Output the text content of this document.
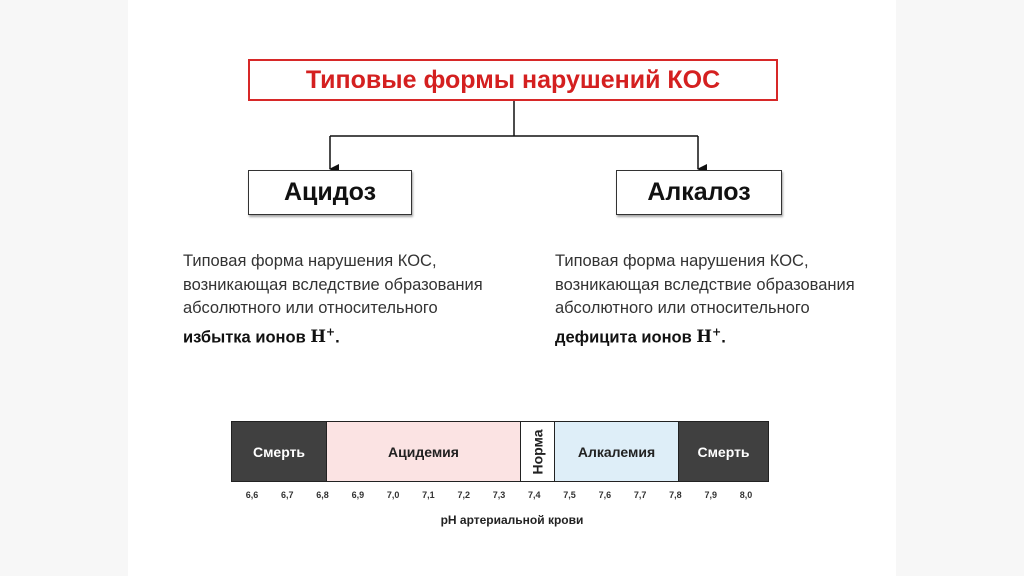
Типовые формы нарушений КОС
Ацидоз	Алкалоз
Типовая форма нарушения КОС, возникающая вследствие образования абсолютного или относительного избытка ионов H+.
Типовая форма нарушения КОС, возникающая вследствие образования абсолютного или относительного дефицита ионов H+.
Смерть	Ацидемия	Норма Алкалемия	Смерть
6,6	6,7	6,8	6,9	7,0	7,1	7,2	7,3	7,4	7,5	7,6	7,7	7,8	7,9	8,0
pH артериальной крови
